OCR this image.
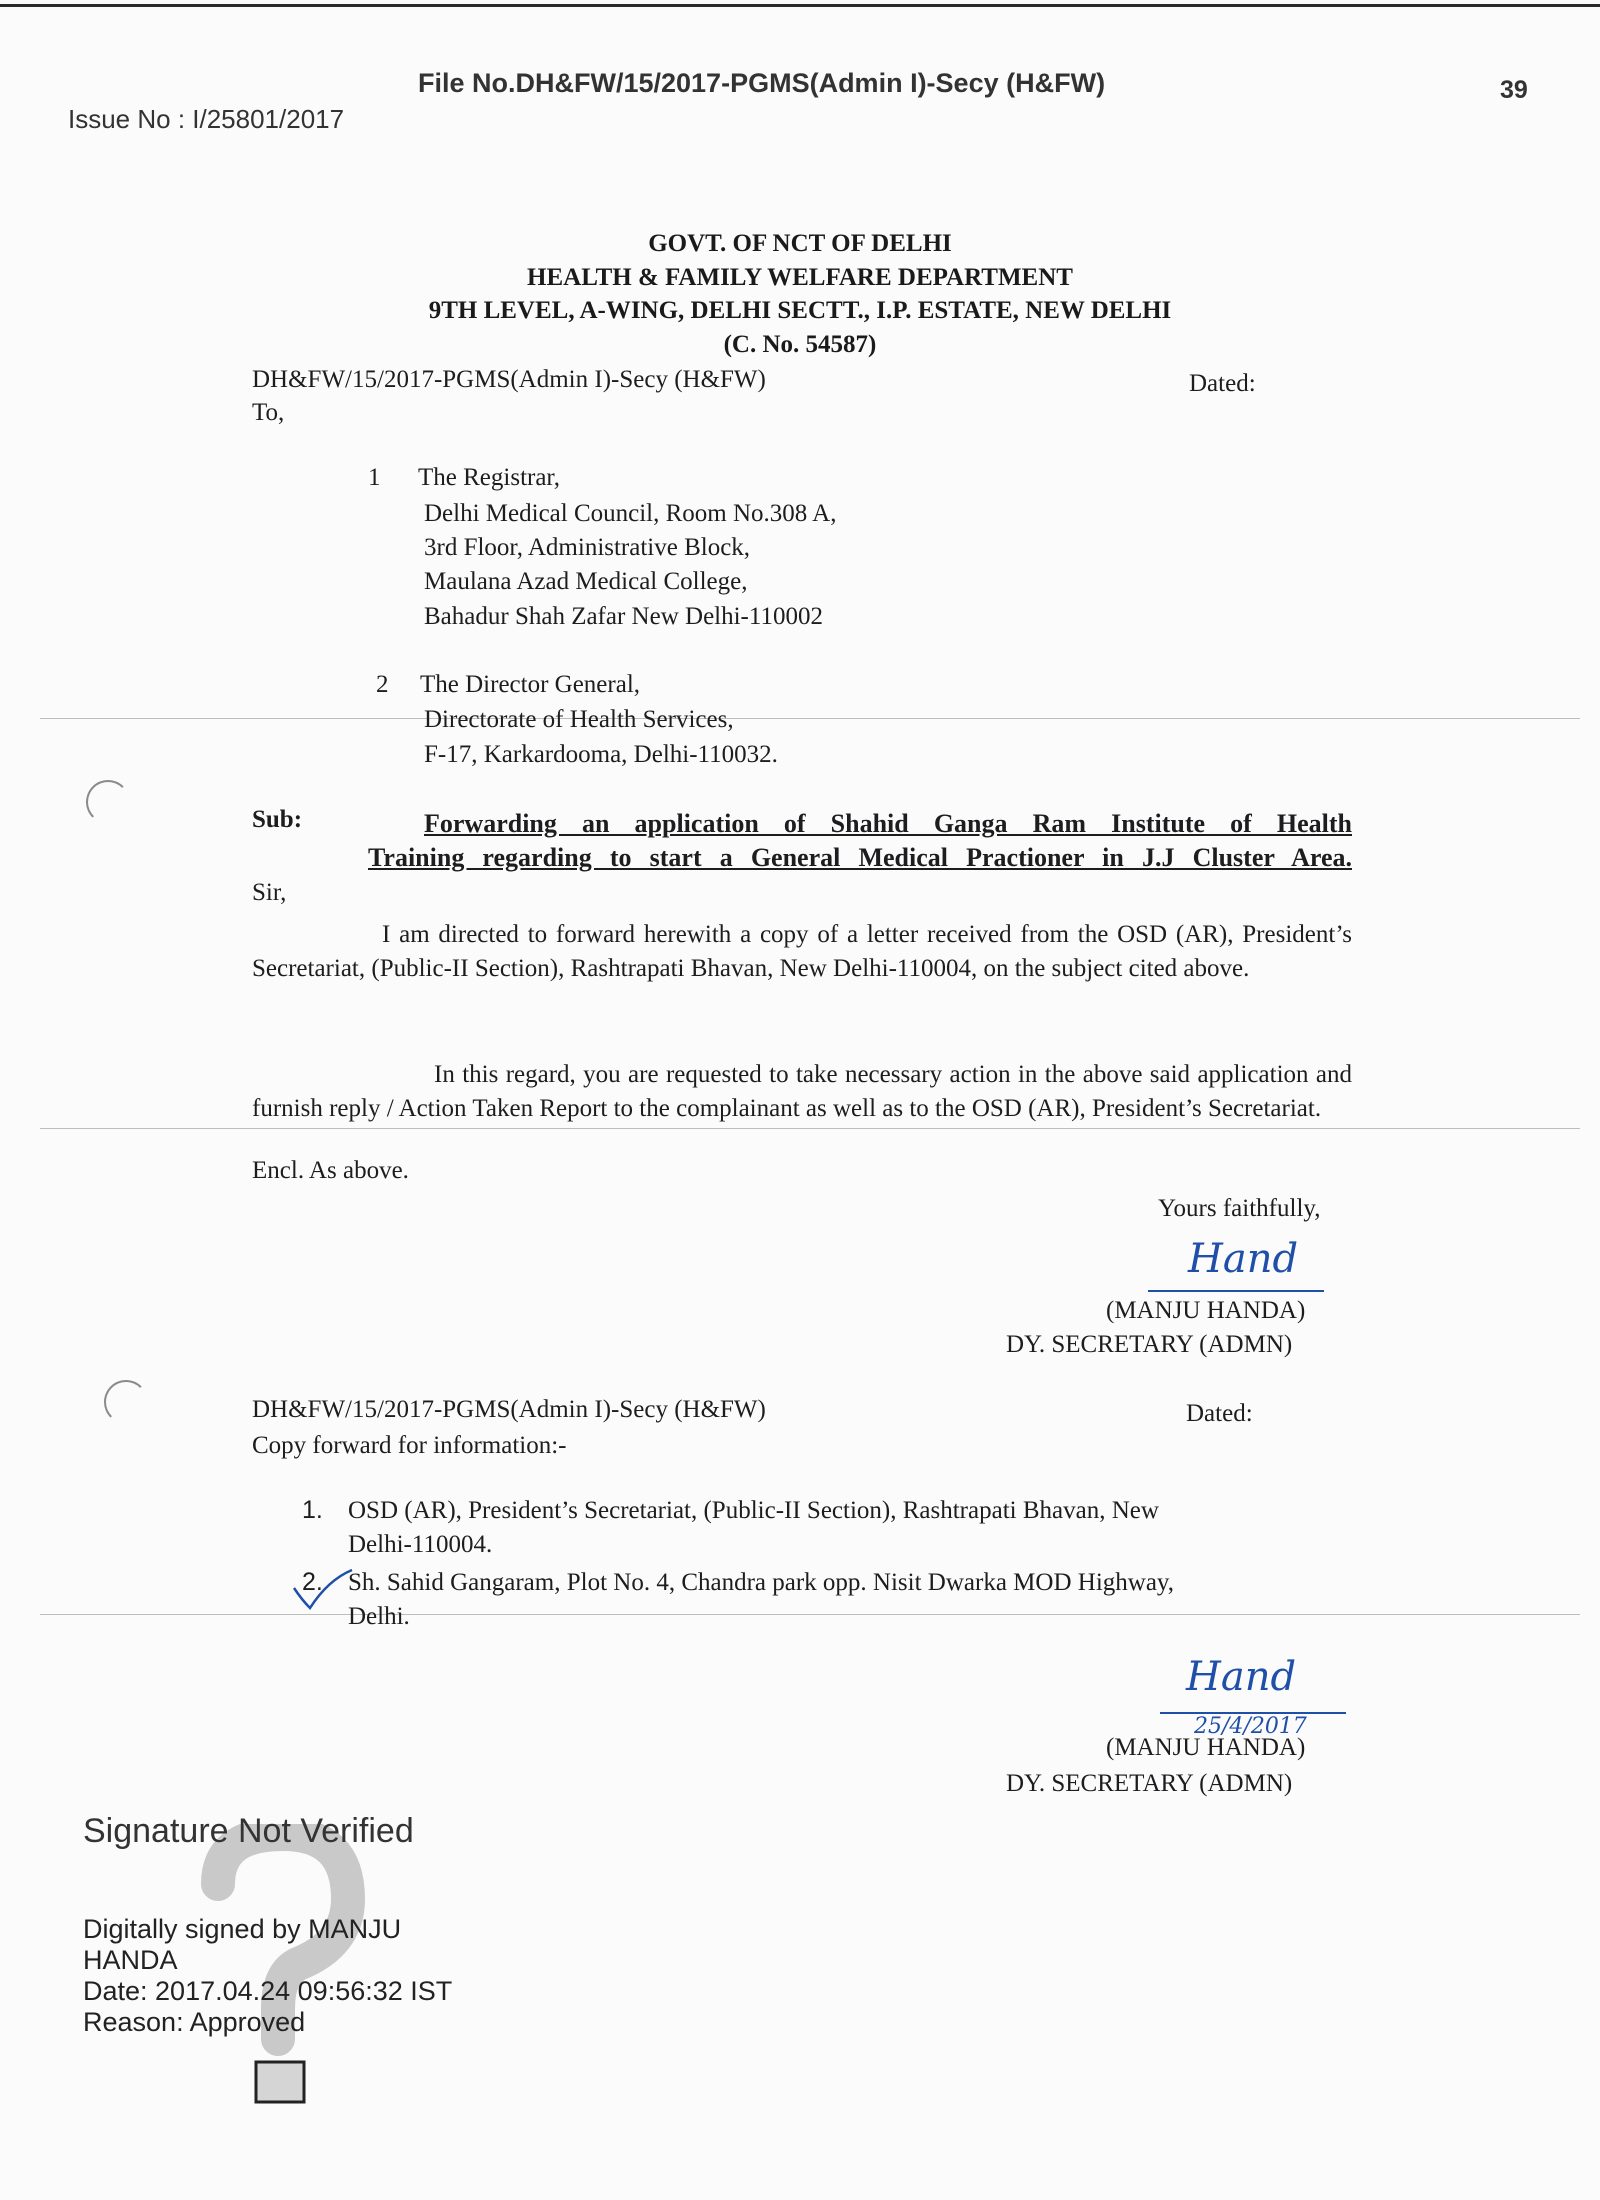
Issue No : I/25801/2017
File No.DH&FW/15/2017-PGMS(Admin I)-Secy (H&FW)	39
GOVT. OF NCT OF DELHI
HEALTH & FAMILY WELFARE DEPARTMENT
9TH LEVEL, A-WING, DELHI SECTT., I.P. ESTATE, NEW DELHI
(C. No. 54587)
DH&FW/15/2017-PGMS(Admin I)-Secy (H&FW)	Dated:
To,
1 The Registrar,
Delhi Medical Council, Room No.308 A,
3rd Floor, Administrative Block,
Maulana Azad Medical College,
Bahadur Shah Zafar New Delhi-110002
2 The Director General,
Directorate of Health Services,
F-17, Karkardooma, Delhi-110032.
Sub:	Forwarding an application of Shahid Ganga Ram Institute of Health
Training regarding to start a General Medical Practioner in J.J Cluster Area.
Sir,
I am directed to forward herewith a copy of a letter received from the OSD (AR), President’s Secretariat, (Public-II Section), Rashtrapati Bhavan, New Delhi-110004, on the subject cited above.
In this regard, you are requested to take necessary action in the above said application and furnish reply / Action Taken Report to the complainant as well as to the OSD (AR), President’s Secretariat.
Encl. As above.
Yours faithfully,
Hand
(MANJU HANDA)
DY. SECRETARY (ADMN)
DH&FW/15/2017-PGMS(Admin I)-Secy (H&FW)	Dated:
Copy forward for information:-
1. OSD (AR), President’s Secretariat, (Public-II Section), Rashtrapati Bhavan, New
Delhi-110004.
2. Sh. Sahid Gangaram, Plot No. 4, Chandra park opp. Nisit Dwarka MOD Highway,
Delhi.
Hand
25/4/2017
(MANJU HANDA)
DY. SECRETARY (ADMN)
Signature Not Verified
Digitally signed by MANJU
HANDA
Date: 2017.04.24 09:56:32 IST
Reason: Approved
